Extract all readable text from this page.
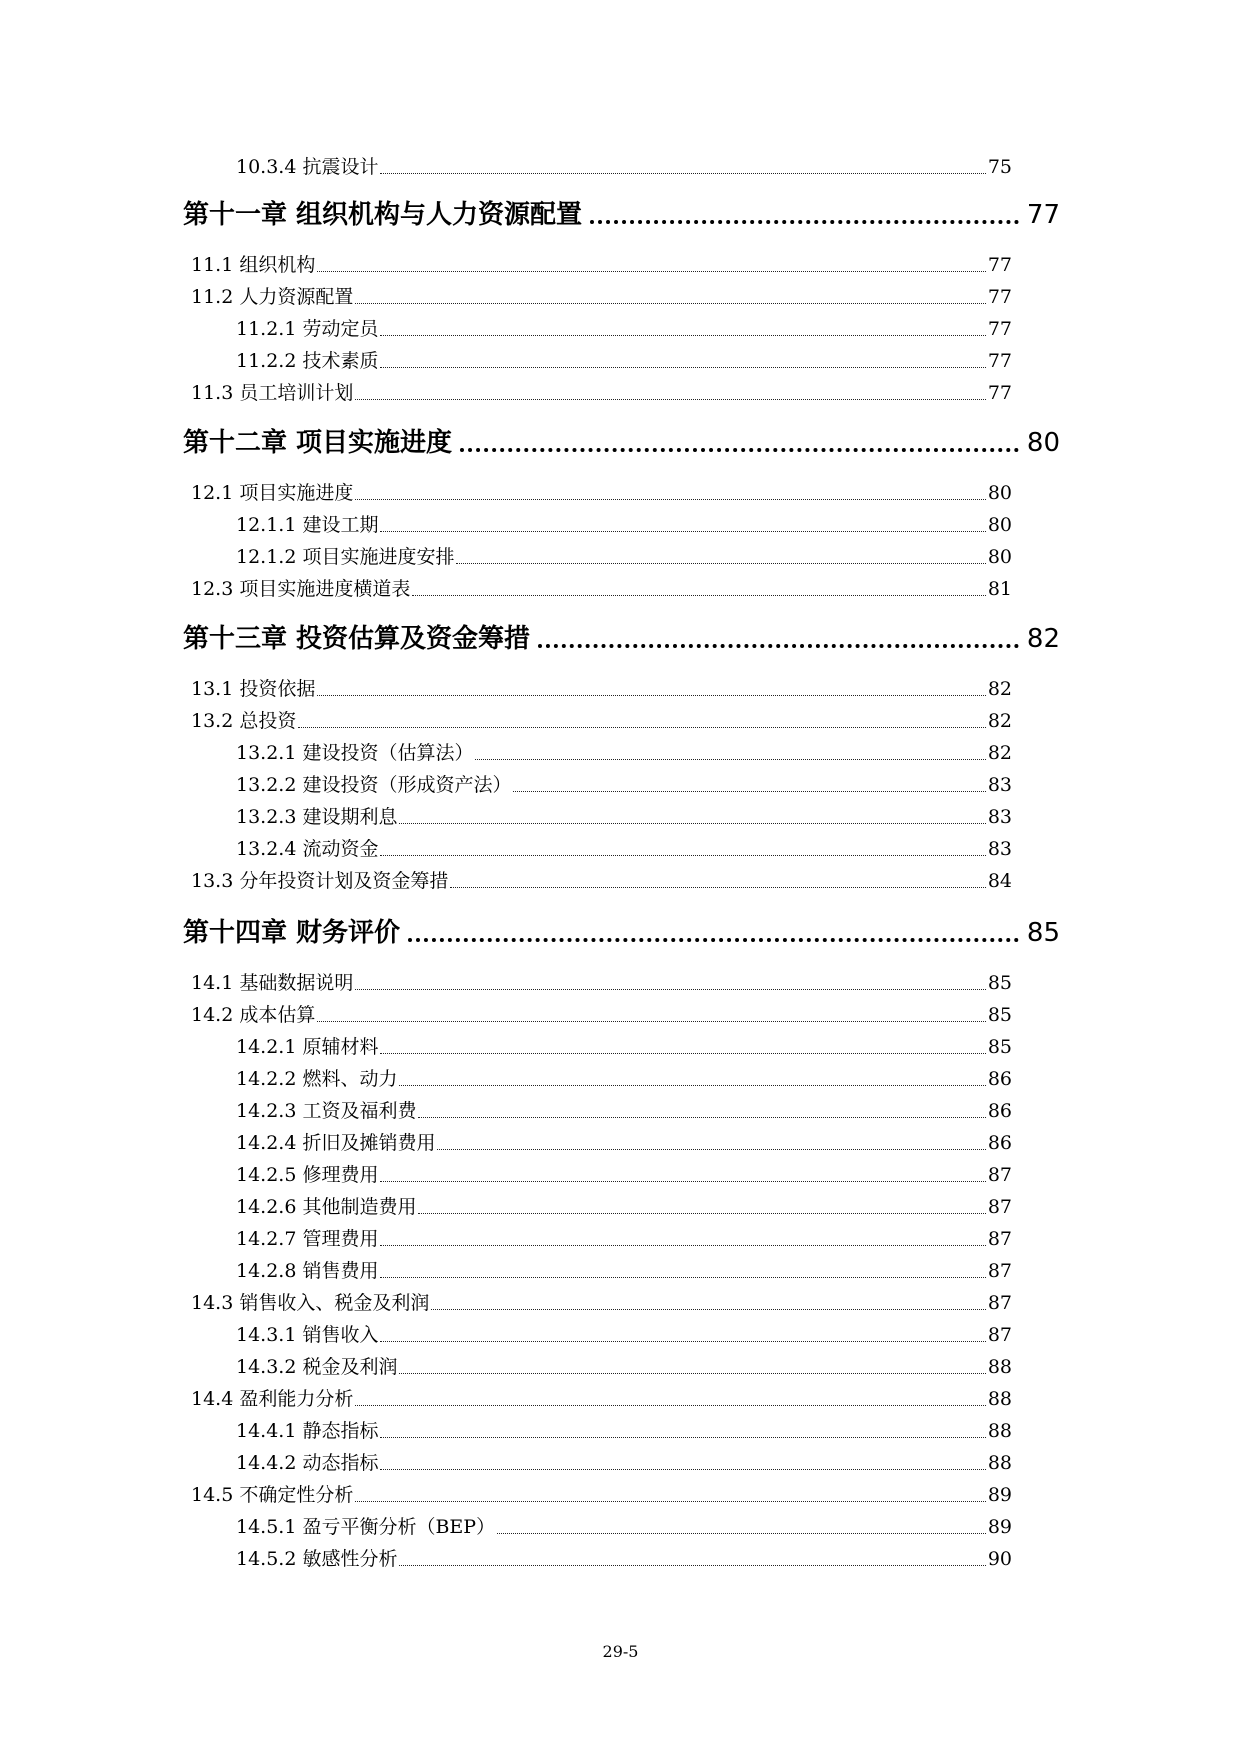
10.3.4 抗震设计	75
第十一章 组织机构与人力资源配置	77
11.1 组织机构	77
11.2 人力资源配置	77
11.2.1 劳动定员	77
11.2.2 技术素质	77
11.3 员工培训计划	77
第十二章 项目实施进度	80
12.1 项目实施进度	80
12.1.1 建设工期	80
12.1.2 项目实施进度安排	80
12.3 项目实施进度横道表	81
第十三章 投资估算及资金筹措	82
13.1 投资依据	82
13.2 总投资	82
13.2.1 建设投资（估算法）	82
13.2.2 建设投资（形成资产法）	83
13.2.3 建设期利息	83
13.2.4 流动资金	83
13.3 分年投资计划及资金筹措	84
第十四章 财务评价	85
14.1 基础数据说明	85
14.2 成本估算	85
14.2.1 原辅材料	85
14.2.2 燃料、动力	86
14.2.3 工资及福利费	86
14.2.4 折旧及摊销费用	86
14.2.5 修理费用	87
14.2.6 其他制造费用	87
14.2.7 管理费用	87
14.2.8 销售费用	87
14.3 销售收入、税金及利润	87
14.3.1 销售收入	87
14.3.2 税金及利润	88
14.4 盈利能力分析	88
14.4.1 静态指标	88
14.4.2 动态指标	88
14.5 不确定性分析	89
14.5.1 盈亏平衡分析（BEP）	89
14.5.2 敏感性分析	90
29-5
